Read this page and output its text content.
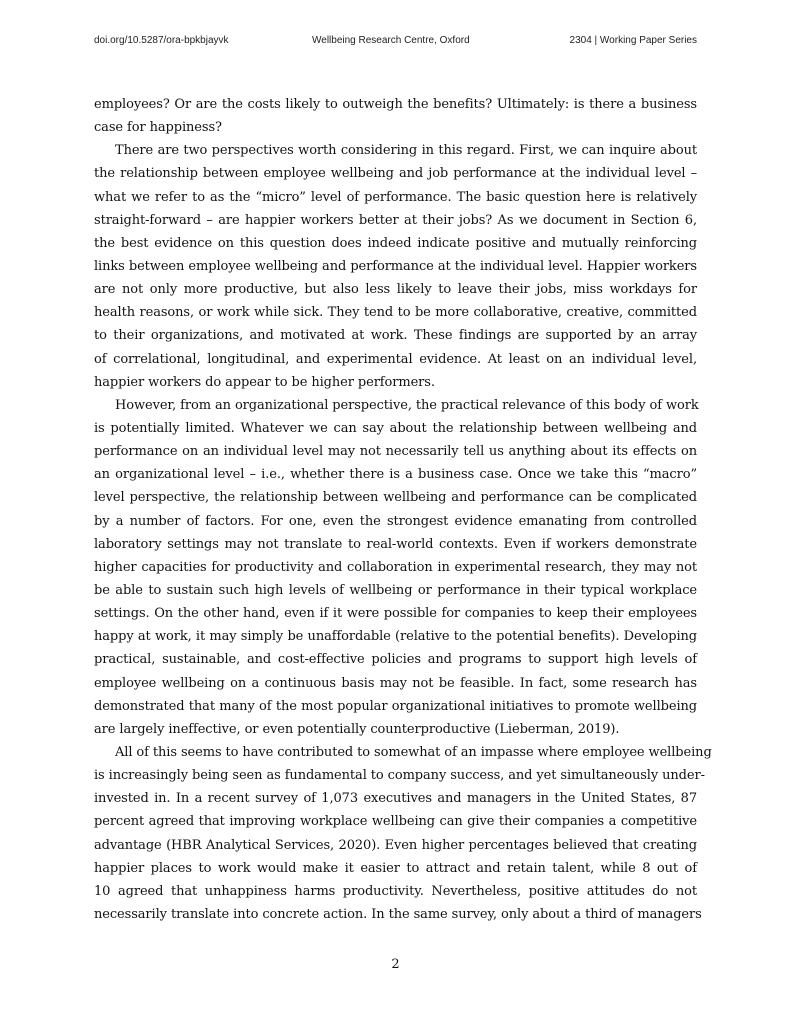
doi.org/10.5287/ora-bpkbjayvk	Wellbeing Research Centre, Oxford	2304 | Working Paper Series
employees? Or are the costs likely to outweigh the benefits? Ultimately: is there a business
case for happiness?
There are two perspectives worth considering in this regard. First, we can inquire about
the relationship between employee wellbeing and job performance at the individual level –
what we refer to as the “micro” level of performance. The basic question here is relatively
straight-forward – are happier workers better at their jobs? As we document in Section 6,
the best evidence on this question does indeed indicate positive and mutually reinforcing
links between employee wellbeing and performance at the individual level. Happier workers
are not only more productive, but also less likely to leave their jobs, miss workdays for
health reasons, or work while sick. They tend to be more collaborative, creative, committed
to their organizations, and motivated at work. These findings are supported by an array
of correlational, longitudinal, and experimental evidence. At least on an individual level,
happier workers do appear to be higher performers.
However, from an organizational perspective, the practical relevance of this body of work
is potentially limited. Whatever we can say about the relationship between wellbeing and
performance on an individual level may not necessarily tell us anything about its effects on
an organizational level – i.e., whether there is a business case. Once we take this “macro”
level perspective, the relationship between wellbeing and performance can be complicated
by a number of factors. For one, even the strongest evidence emanating from controlled
laboratory settings may not translate to real-world contexts. Even if workers demonstrate
higher capacities for productivity and collaboration in experimental research, they may not
be able to sustain such high levels of wellbeing or performance in their typical workplace
settings. On the other hand, even if it were possible for companies to keep their employees
happy at work, it may simply be unaffordable (relative to the potential benefits). Developing
practical, sustainable, and cost-effective policies and programs to support high levels of
employee wellbeing on a continuous basis may not be feasible. In fact, some research has
demonstrated that many of the most popular organizational initiatives to promote wellbeing
are largely ineffective, or even potentially counterproductive (Lieberman, 2019).
All of this seems to have contributed to somewhat of an impasse where employee wellbeing
is increasingly being seen as fundamental to company success, and yet simultaneously under-
invested in. In a recent survey of 1,073 executives and managers in the United States, 87
percent agreed that improving workplace wellbeing can give their companies a competitive
advantage (HBR Analytical Services, 2020). Even higher percentages believed that creating
happier places to work would make it easier to attract and retain talent, while 8 out of
10 agreed that unhappiness harms productivity. Nevertheless, positive attitudes do not
necessarily translate into concrete action. In the same survey, only about a third of managers
2
